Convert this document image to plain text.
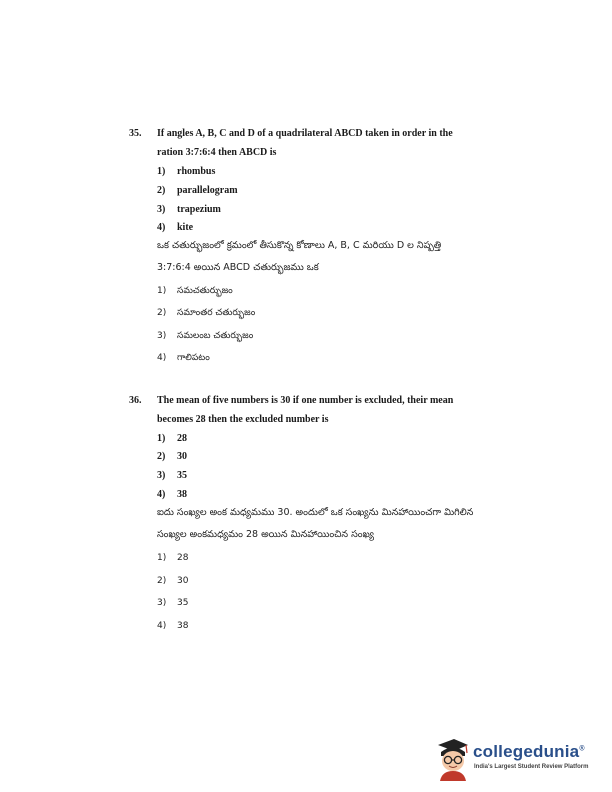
35. If angles A, B, C and D of a quadrilateral ABCD taken in order in the
ration 3:7:6:4 then ABCD is
1) rhombus
2) parallelogram
3) trapezium
4) kite
ఒక చతుర్భుజంలో క్రమంలో తీసుకొన్న కోణాలు A, B, C మరియు D ల నిష్పత్తి
3:7:6:4 అయిన ABCD చతుర్భుజము ఒక
1) సమచతుర్భుజం
2) సమాంతర చతుర్భుజం
3) సమలంబ చతుర్భుజం
4) గాలిపటం
36. The mean of five numbers is 30 if one number is excluded, their mean
becomes 28 then the excluded number is
1) 28
2) 30
3) 35
4) 38
ఐదు సంఖ్యల అంక మధ్యమము 30. అందులో ఒక సంఖ్యను మినహాయించగా మిగిలిన
సంఖ్యల అంకమధ్యమం 28 అయిన మినహాయించిన సంఖ్య
1) 28
2) 30
3) 35
4) 38
collegedunia®
India's Largest Student Review Platform
